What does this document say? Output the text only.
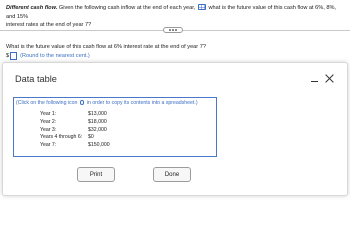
Different cash flow. Given the following cash inflow at the end of each year,  what is the future value of this cash flow at 6%, 8%, and 15%
interest rates at the end of year 7?
What is the future value of this cash flow at 6% interest rate at the end of year 7?
$ (Round to the nearest cent.)
Data table
(Click on the following icon  in order to copy its contents into a spreadsheet.)
Year 1:	$13,000
Year 2:	$18,000
Year 3:	$32,000
Years 4 through 6:	$0
Year 7:	$150,000
Print	Done
